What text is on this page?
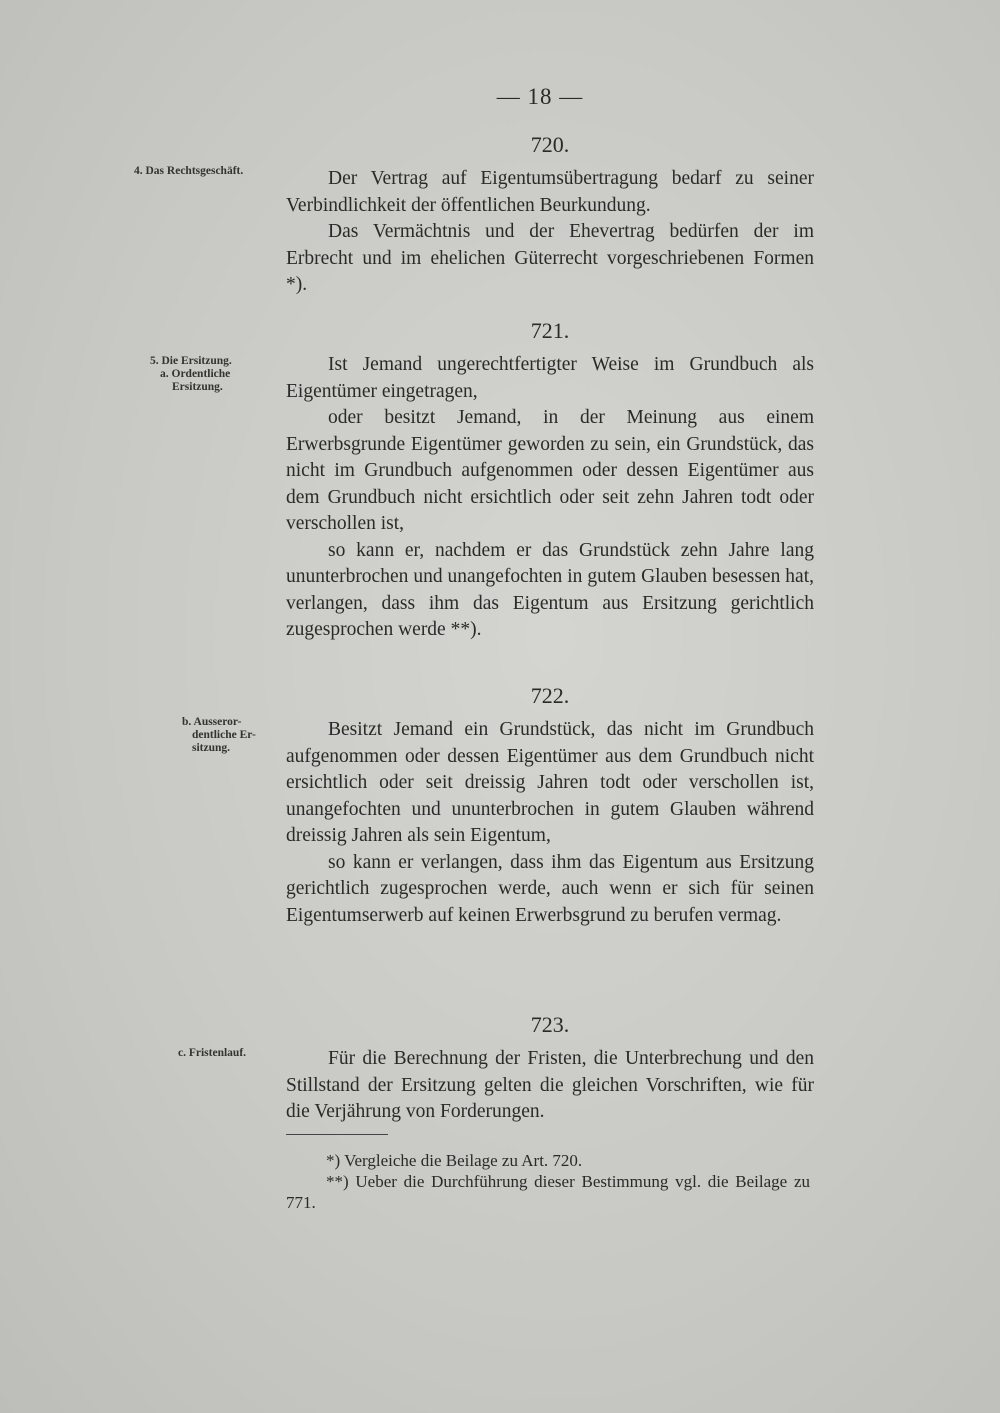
— 18 —
4. Das Rechtsgeschäft.

720.

Der Vertrag auf Eigentumsübertragung bedarf zu seiner Verbindlichkeit der öffentlichen Beurkundung.

Das Vermächtnis und der Ehevertrag bedürfen der im Erbrecht und im ehelichen Güterrecht vorgeschriebenen Formen *).

5. Die Ersitzung.

a. Ordentliche
Ersitzung.

721.

Ist Jemand ungerechtfertigter Weise im Grundbuch als Eigentümer eingetragen,

oder besitzt Jemand, in der Meinung aus einem Erwerbsgrunde Eigentümer geworden zu sein, ein Grundstück, das nicht im Grundbuch aufgenommen oder dessen Eigentümer aus dem Grundbuch nicht ersichtlich oder seit zehn Jahren todt oder verschollen ist,

so kann er, nachdem er das Grundstück zehn Jahre lang ununterbrochen und unangefochten in gutem Glauben besessen hat, verlangen, dass ihm das Eigentum aus Ersitzung gerichtlich zugesprochen werde **).

b. Ausseror-

dentliche Er-
sitzung.

722.

Besitzt Jemand ein Grundstück, das nicht im Grundbuch aufgenommen oder dessen Eigentümer aus dem Grundbuch nicht ersichtlich oder seit dreissig Jahren todt oder verschollen ist, unangefochten und ununterbrochen in gutem Glauben während dreissig Jahren als sein Eigentum,

so kann er verlangen, dass ihm das Eigentum aus Ersitzung gerichtlich zugesprochen werde, auch wenn er sich für seinen Eigentumserwerb auf keinen Erwerbsgrund zu berufen vermag.

c. Fristenlauf.

723.

Für die Berechnung der Fristen, die Unterbrechung und den Stillstand der Ersitzung gelten die gleichen Vorschriften, wie für die Verjährung von Forderungen.

*) Vergleiche die Beilage zu Art. 720.

**) Ueber die Durchführung dieser Bestimmung vgl. die Beilage zu 771.
